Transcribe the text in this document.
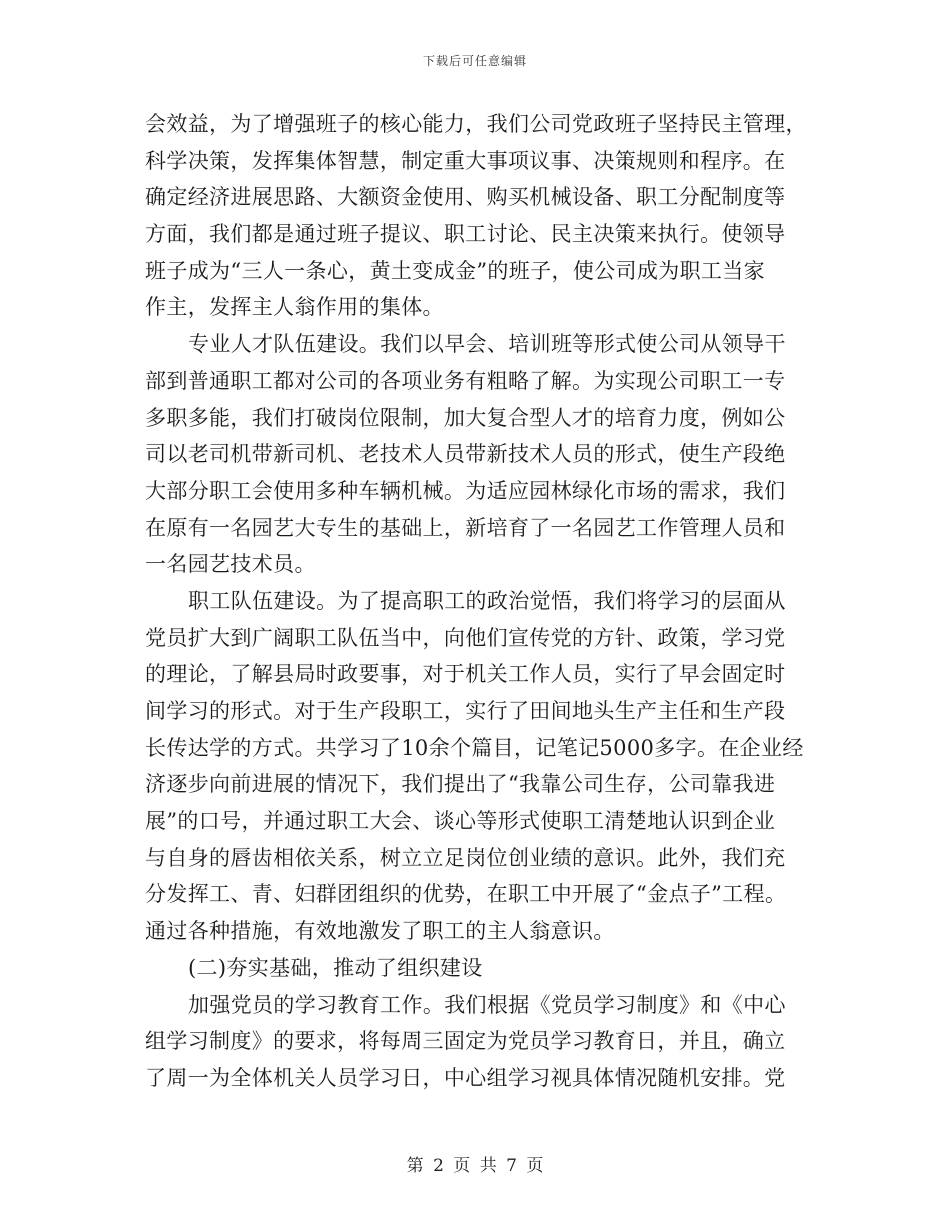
下载后可任意编辑
会效益，为了增强班子的核心能力，我们公司党政班子坚持民主管理，
科学决策，发挥集体智慧，制定重大事项议事、决策规则和程序。在
确定经济进展思路、大额资金使用、购买机械设备、职工分配制度等
方面，我们都是通过班子提议、职工讨论、民主决策来执行。使领导
班子成为“三人一条心，黄土变成金”的班子，使公司成为职工当家
作主，发挥主人翁作用的集体。
专业人才队伍建设。我们以早会、培训班等形式使公司从领导干
部到普通职工都对公司的各项业务有粗略了解。为实现公司职工一专
多职多能，我们打破岗位限制，加大复合型人才的培育力度，例如公
司以老司机带新司机、老技术人员带新技术人员的形式，使生产段绝
大部分职工会使用多种车辆机械。为适应园林绿化市场的需求，我们
在原有一名园艺大专生的基础上，新培育了一名园艺工作管理人员和
一名园艺技术员。
职工队伍建设。为了提高职工的政治觉悟，我们将学习的层面从
党员扩大到广阔职工队伍当中，向他们宣传党的方针、政策，学习党
的理论，了解县局时政要事，对于机关工作人员，实行了早会固定时
间学习的形式。对于生产段职工，实行了田间地头生产主任和生产段
长传达学的方式。共学习了10余个篇目，记笔记5000多字。在企业经
济逐步向前进展的情况下，我们提出了“我靠公司生存，公司靠我进
展”的口号，并通过职工大会、谈心等形式使职工清楚地认识到企业
与自身的唇齿相依关系，树立立足岗位创业绩的意识。此外，我们充
分发挥工、青、妇群团组织的优势，在职工中开展了“金点子”工程。
通过各种措施，有效地激发了职工的主人翁意识。
(二)夯实基础，推动了组织建设
加强党员的学习教育工作。我们根据《党员学习制度》和《中心
组学习制度》的要求，将每周三固定为党员学习教育日，并且，确立
了周一为全体机关人员学习日，中心组学习视具体情况随机安排。党
第 2 页 共 7 页
